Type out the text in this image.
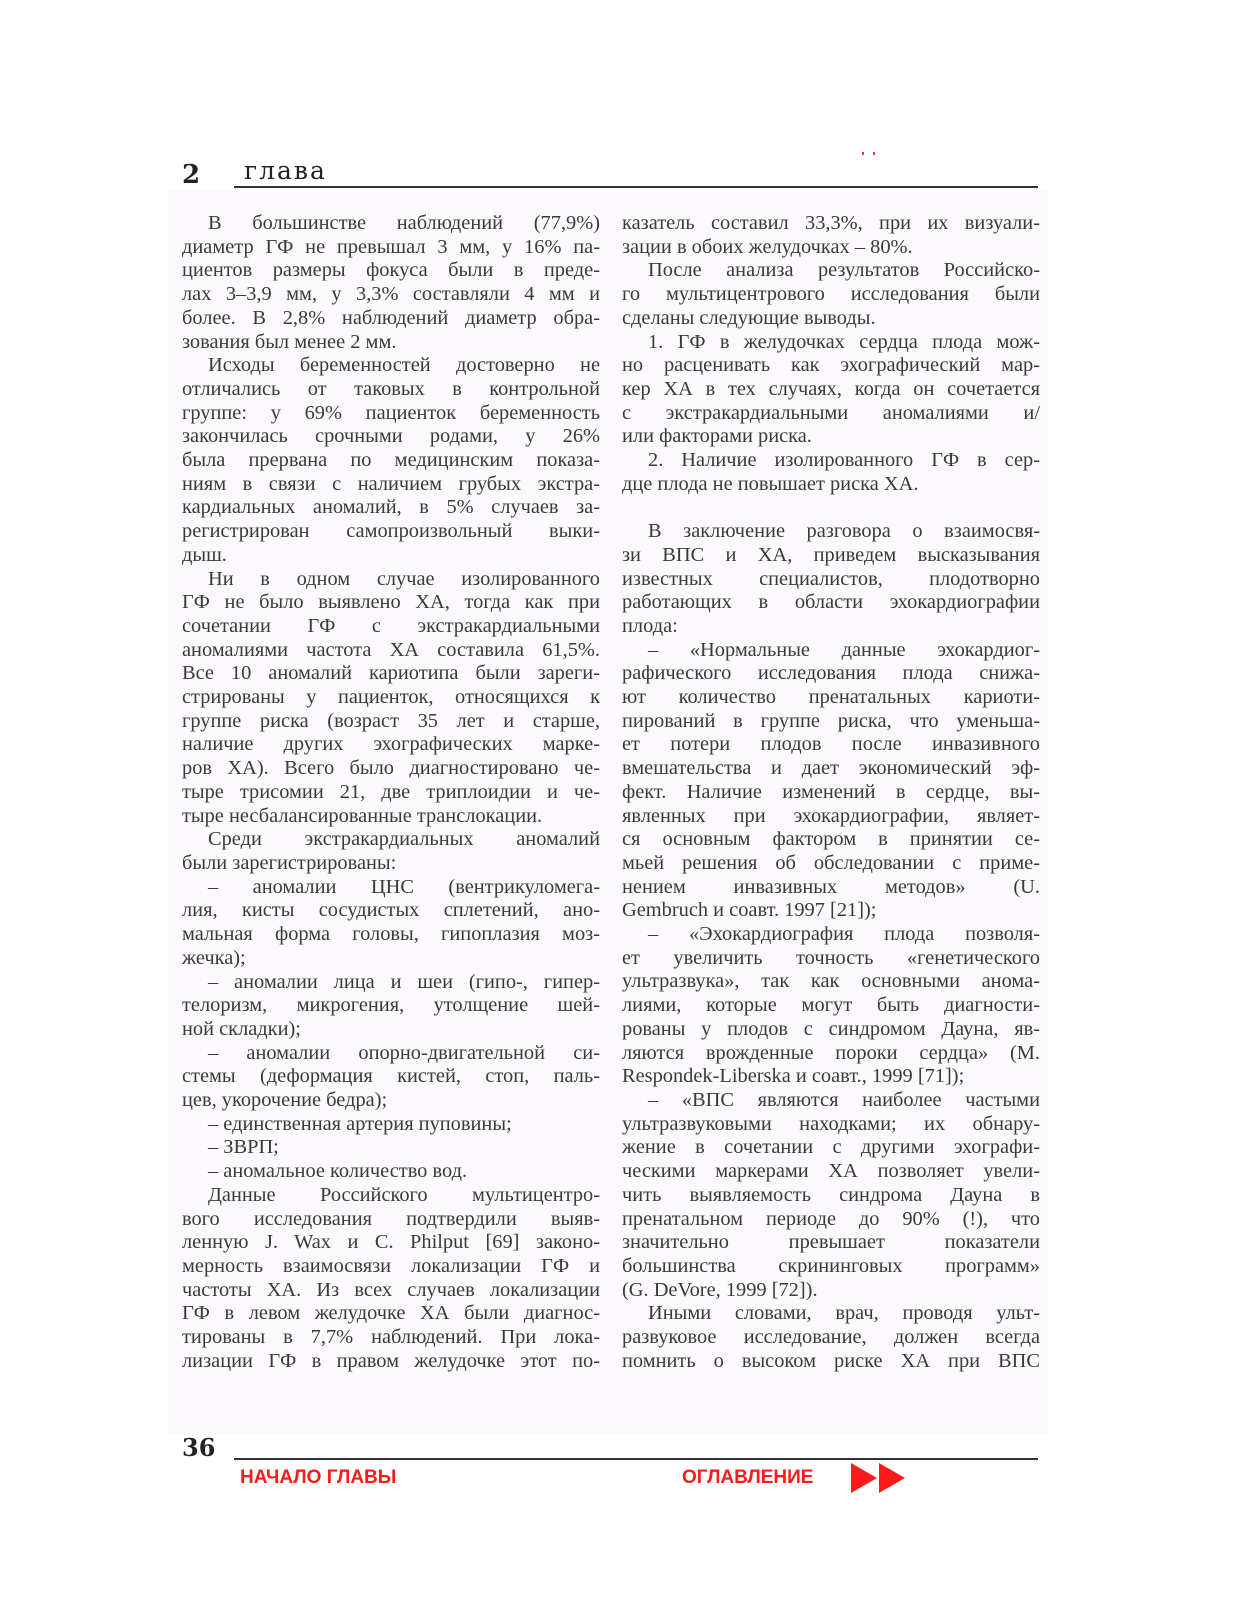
2 глава
В большинстве наблюдений (77,9%)
диаметр ГФ не превышал 3 мм, у 16% па-
циентов размеры фокуса были в преде-
лах 3–3,9 мм, у 3,3% составляли 4 мм и
более. В 2,8% наблюдений диаметр обра-
зования был менее 2 мм.
Исходы беременностей достоверно не
отличались от таковых в контрольной
группе: у 69% пациенток беременность
закончилась срочными родами, у 26%
была прервана по медицинским показа-
ниям в связи с наличием грубых экстра-
кардиальных аномалий, в 5% случаев за-
регистрирован самопроизвольный выки-
дыш.
Ни в одном случае изолированного
ГФ не было выявлено ХА, тогда как при
сочетании ГФ с экстракардиальными
аномалиями частота ХА составила 61,5%.
Все 10 аномалий кариотипа были зареги-
стрированы у пациенток, относящихся к
группе риска (возраст 35 лет и старше,
наличие других эхографических марке-
ров ХА). Всего было диагностировано че-
тыре трисомии 21, две триплоидии и че-
тыре несбалансированные транслокации.
Среди экстракардиальных аномалий
были зарегистрированы:
– аномалии ЦНС (вентрикуломега-
лия, кисты сосудистых сплетений, ано-
мальная форма головы, гипоплазия моз-
жечка);
– аномалии лица и шеи (гипо-, гипер-
телоризм, микрогения, утолщение шей-
ной складки);
– аномалии опорно-двигательной си-
стемы (деформация кистей, стоп, паль-
цев, укорочение бедра);
– единственная артерия пуповины;
– ЗВРП;
– аномальное количество вод.
Данные Российского мультицентро-
вого исследования подтвердили выяв-
ленную J. Wax и C. Philput [69] законо-
мерность взаимосвязи локализации ГФ и
частоты ХА. Из всех случаев локализации
ГФ в левом желудочке ХА были диагнос-
тированы в 7,7% наблюдений. При лока-
лизации ГФ в правом желудочке этот по-
казатель составил 33,3%, при их визуали-
зации в обоих желудочках – 80%.
После анализа результатов Российско-
го мультицентрового исследования были
сделаны следующие выводы.
1. ГФ в желудочках сердца плода мож-
но расценивать как эхографический мар-
кер ХА в тех случаях, когда он сочетается
с экстракардиальными аномалиями и/
или факторами риска.
2. Наличие изолированного ГФ в сер-
дце плода не повышает риска ХА.
В заключение разговора о взаимосвя-
зи ВПС и ХА, приведем высказывания
известных специалистов, плодотворно
работающих в области эхокардиографии
плода:
– «Нормальные данные эхокардиог-
рафического исследования плода снижа-
ют количество пренатальных кариоти-
пирований в группе риска, что уменьша-
ет потери плодов после инвазивного
вмешательства и дает экономический эф-
фект. Наличие изменений в сердце, вы-
явленных при эхокардиографии, являет-
ся основным фактором в принятии се-
мьей решения об обследовании с приме-
нением инвазивных методов» (U.
Gembruch и соавт. 1997 [21]);
– «Эхокардиография плода позволя-
ет увеличить точность «генетического
ультразвука», так как основными анома-
лиями, которые могут быть диагности-
рованы у плодов с синдромом Дауна, яв-
ляются врожденные пороки сердца» (M.
Respondek-Liberska и соавт., 1999 [71]);
– «ВПС являются наиболее частыми
ультразвуковыми находками; их обнару-
жение в сочетании с другими эхографи-
ческими маркерами ХА позволяет увели-
чить выявляемость синдрома Дауна в
пренатальном периоде до 90% (!), что
значительно превышает показатели
большинства скрининговых программ»
(G. DeVore, 1999 [72]).
Иными словами, врач, проводя ульт-
развуковое исследование, должен всегда
помнить о высоком риске ХА при ВПС
36
НАЧАЛО ГЛАВЫ	ОГЛАВЛЕНИЕ
